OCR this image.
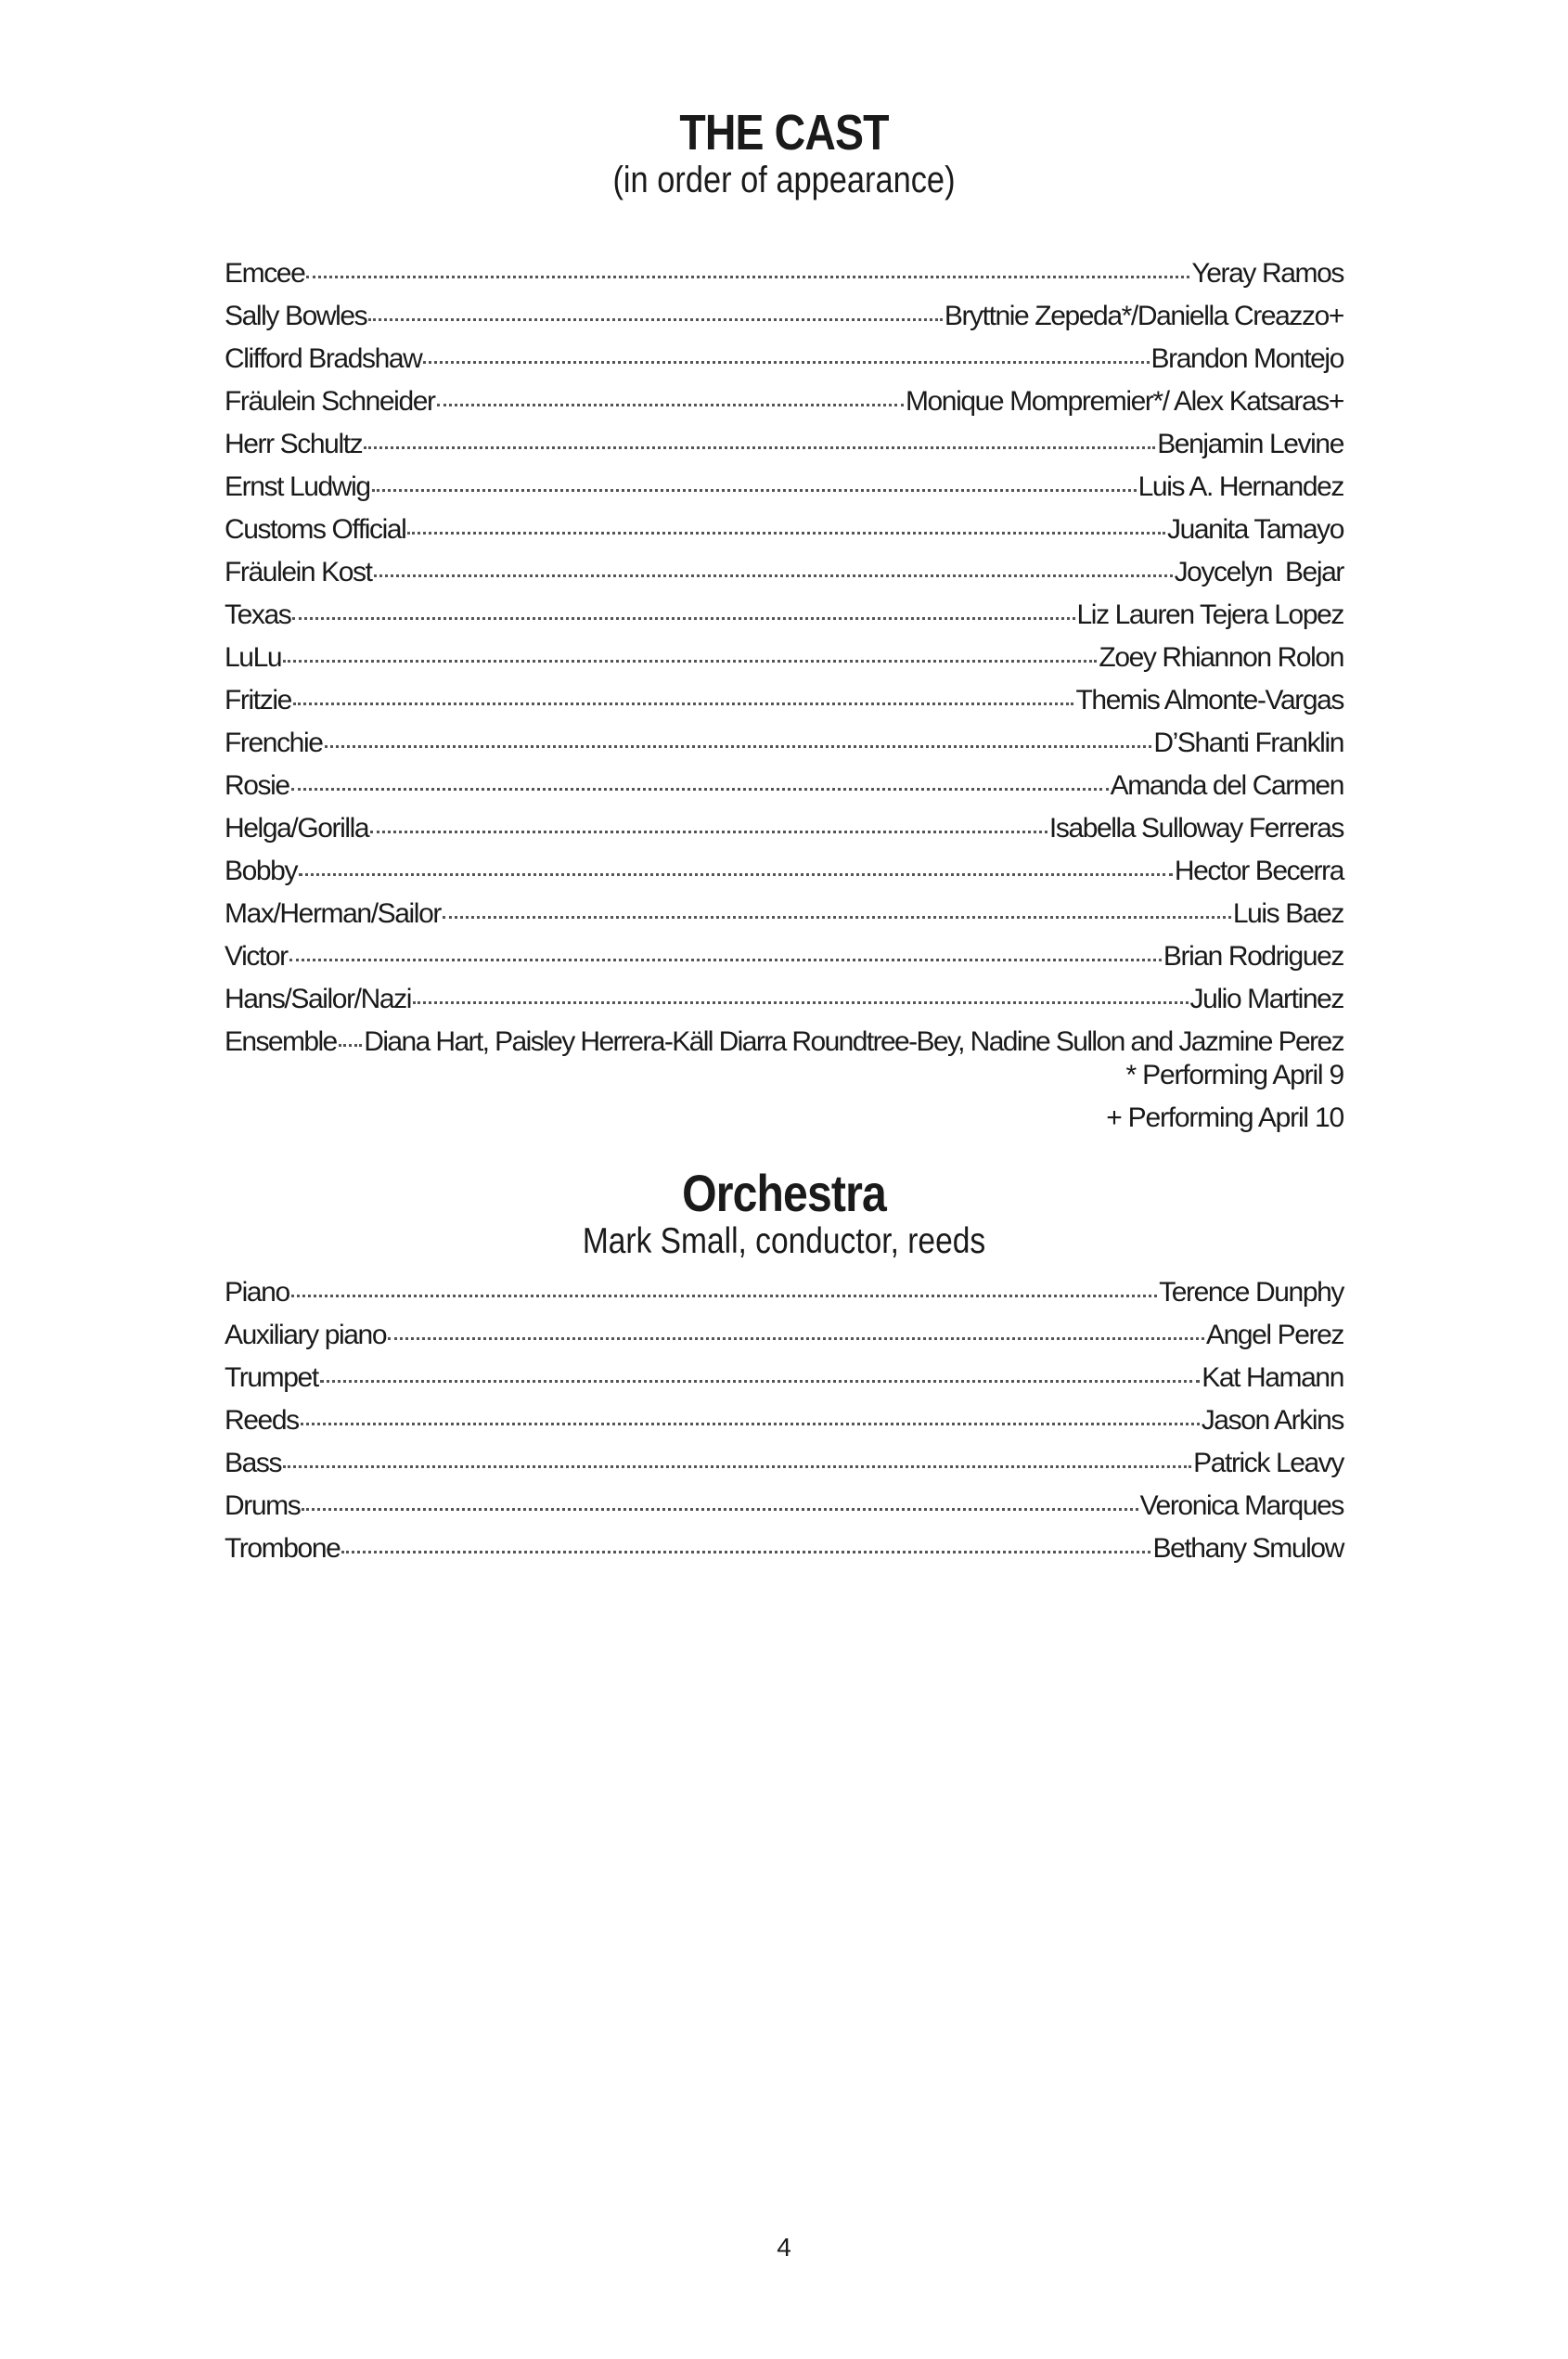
THE CAST
(in order of appearance)
Emcee	Yeray Ramos
Sally Bowles	Bryttnie Zepeda*/Daniella Creazzo+
Clifford Bradshaw	Brandon Montejo
Fräulein Schneider	Monique Mompremier*/ Alex Katsaras+
Herr Schultz	Benjamin Levine
Ernst Ludwig	Luis A. Hernandez
Customs Official	Juanita Tamayo
Fräulein Kost	Joycelyn  Bejar
Texas	Liz Lauren Tejera Lopez
LuLu	Zoey Rhiannon Rolon
Fritzie	Themis Almonte-Vargas
Frenchie	D’Shanti Franklin
Rosie	Amanda del Carmen
Helga/Gorilla	Isabella Sulloway Ferreras
Bobby	Hector Becerra
Max/Herman/Sailor	Luis Baez
Victor	Brian Rodriguez
Hans/Sailor/Nazi	Julio Martinez
Ensemble Diana Hart, Paisley Herrera-Käll Diarra Roundtree-Bey, Nadine Sullon and Jazmine Perez
* Performing April 9
+ Performing April 10
Orchestra
Mark Small, conductor, reeds
Piano	Terence Dunphy
Auxiliary piano	Angel Perez
Trumpet	Kat Hamann
Reeds	Jason Arkins
Bass	Patrick Leavy
Drums	Veronica Marques
Trombone	Bethany Smulow
4
